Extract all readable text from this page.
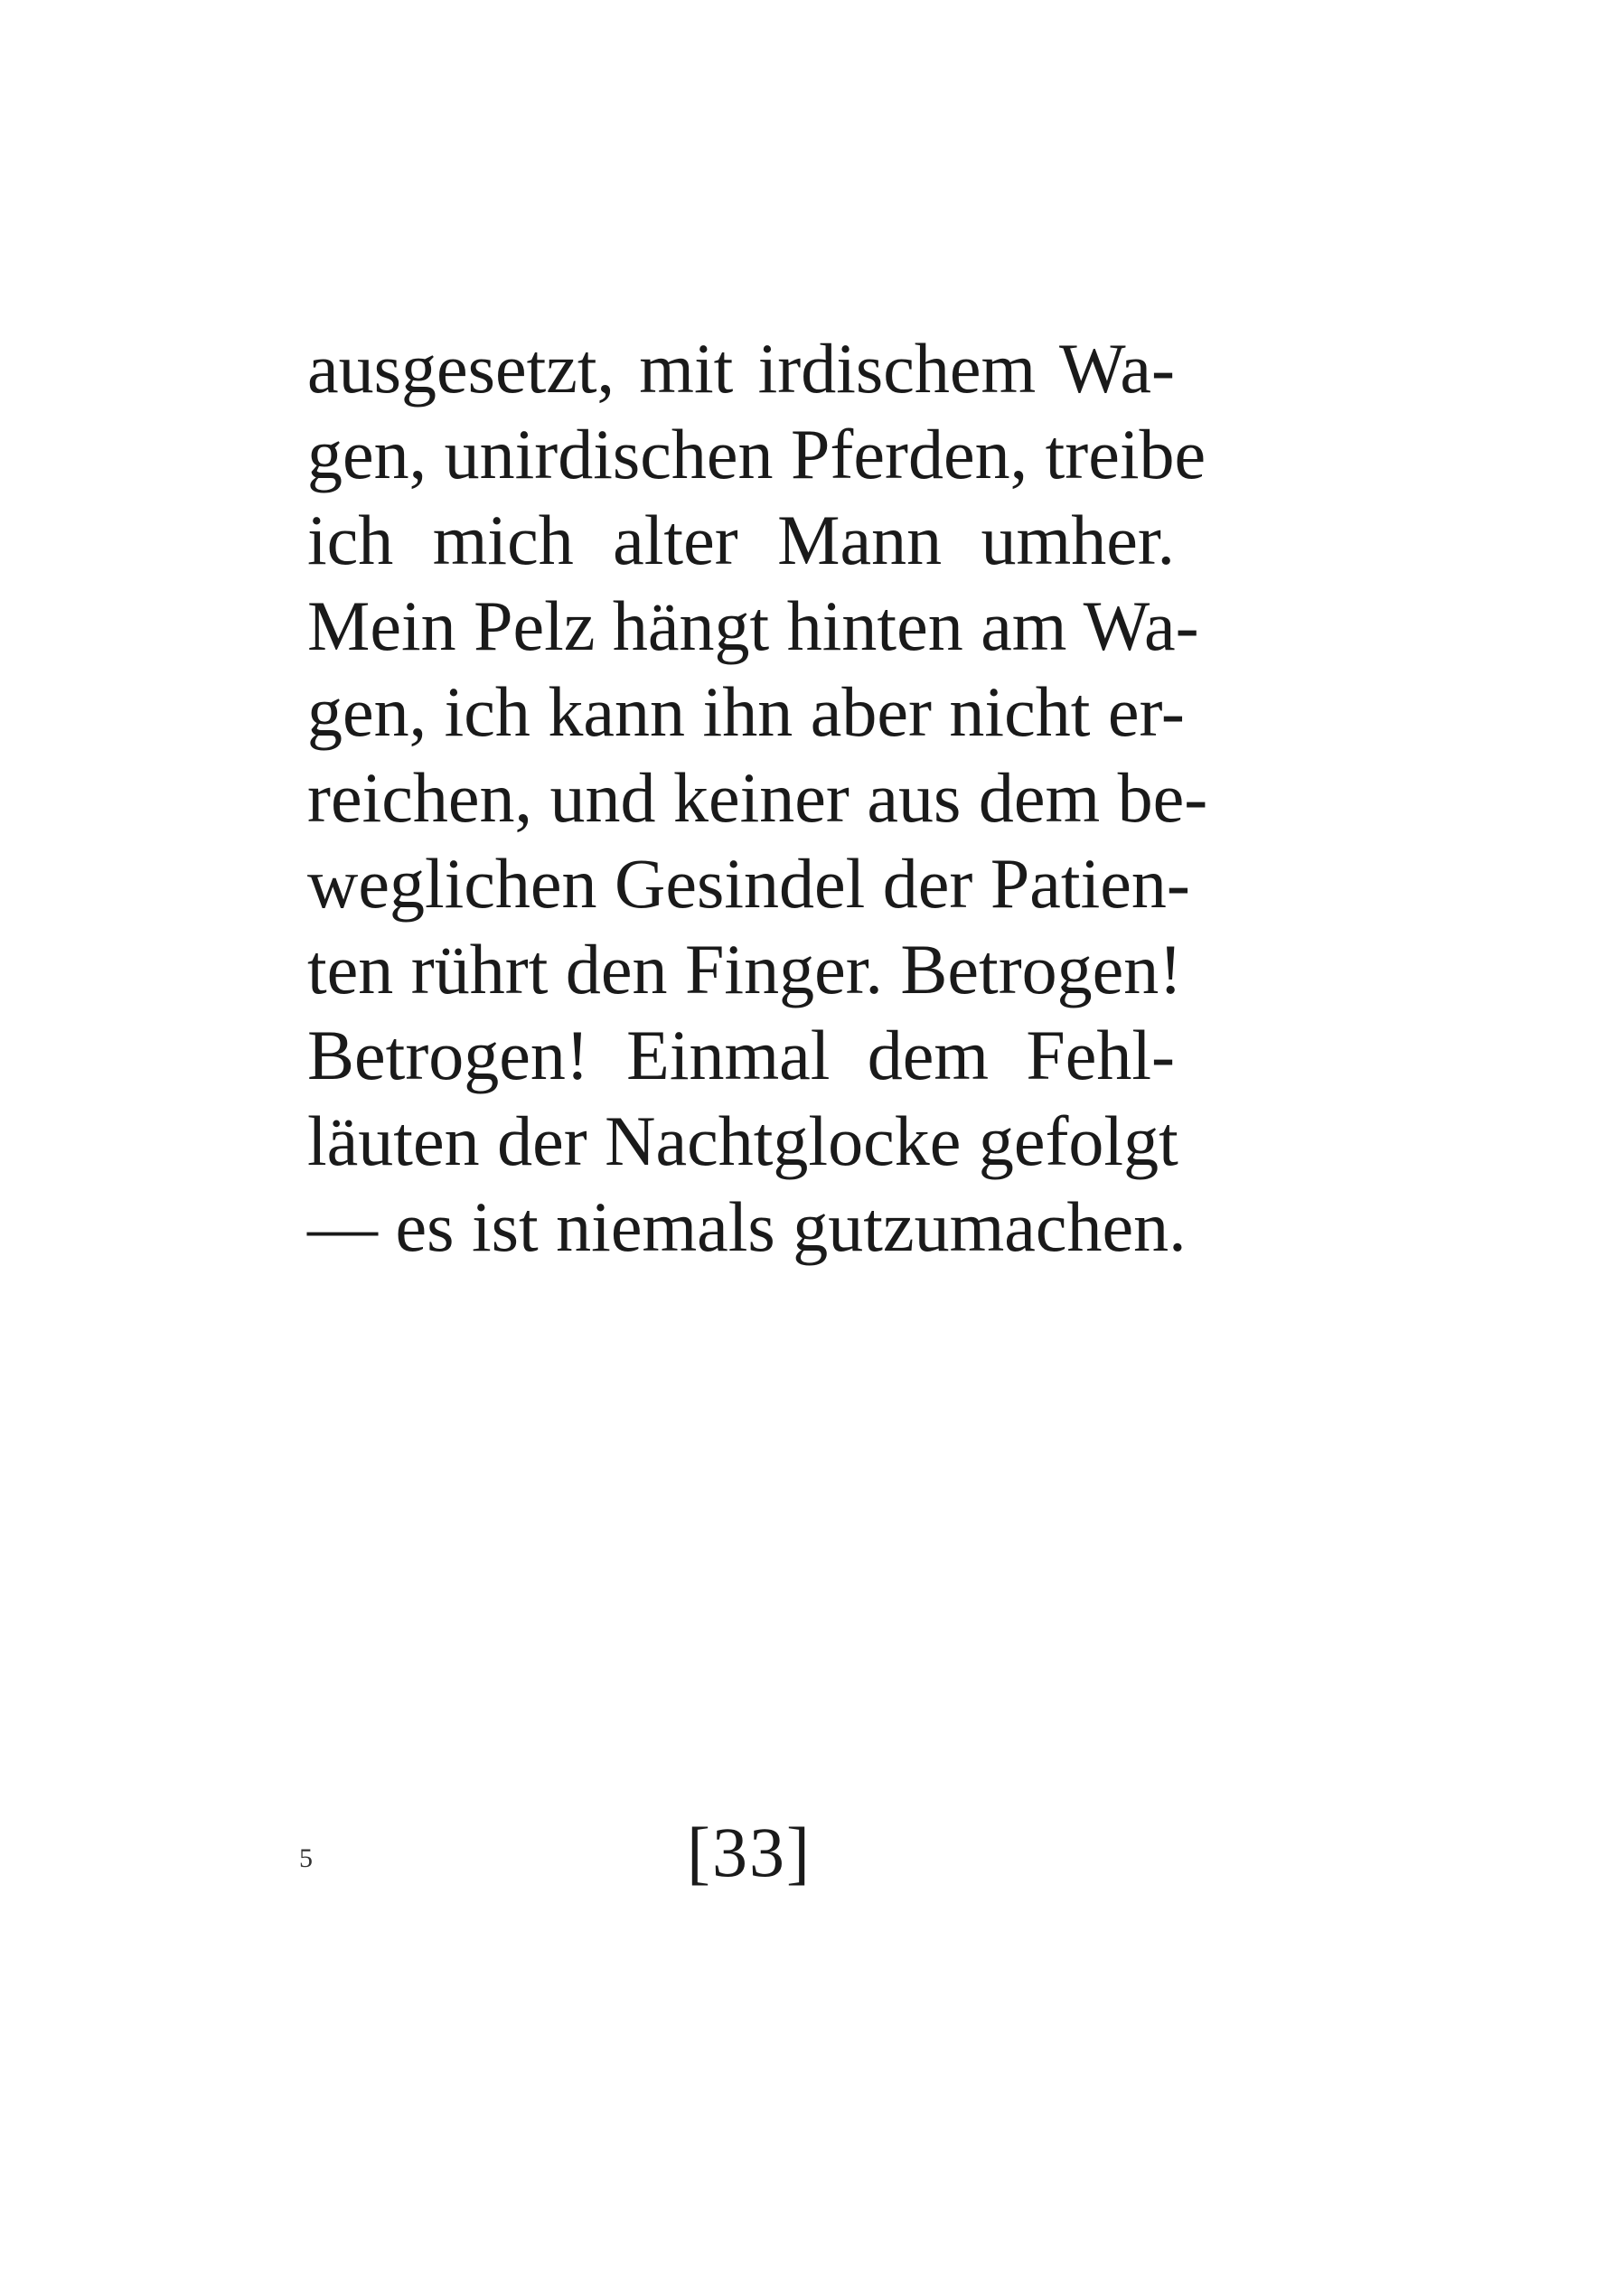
ausgesetzt, mit irdischem Wa-
gen, unirdischen Pferden, treibe
ich mich alter Mann umher.
Mein Pelz hängt hinten am Wa-
gen, ich kann ihn aber nicht er-
reichen, und keiner aus dem be-
weglichen Gesindel der Patien-
ten rührt den Finger. Betrogen!
Betrogen! Einmal dem Fehl-
läuten der Nachtglocke gefolgt
— es ist niemals gutzumachen.
5	[33]
